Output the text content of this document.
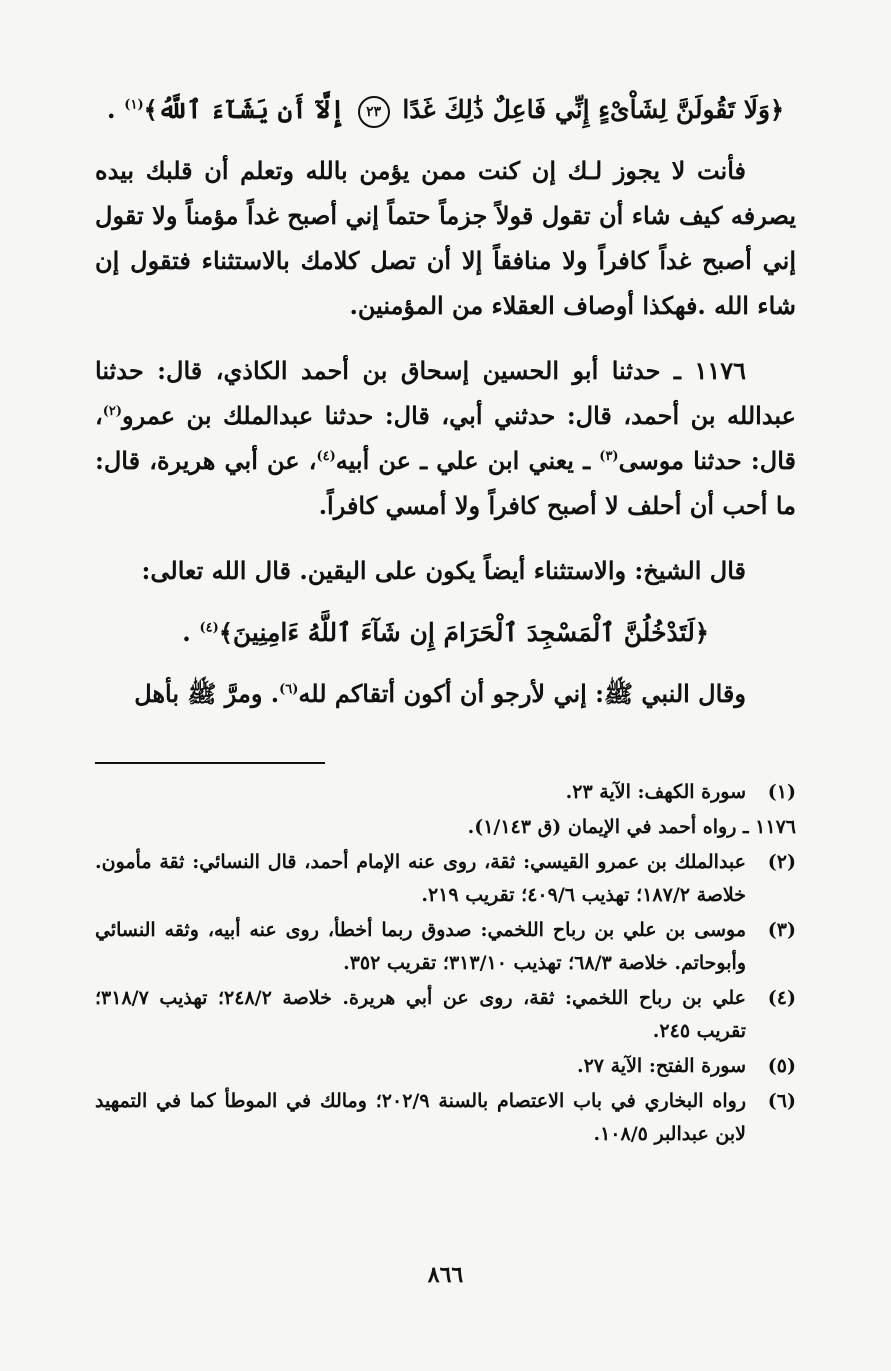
﴿وَلَا تَقُولَنَّ لِشَاْىْءٍ إِنِّي فَاعِلٌ ذَٰلِكَ غَدًا ٢٣ إِلَّآ أَن يَشَآءَ ٱللَّهُ﴾$^{(١)}$ .

فأنت لا يجوز لـك إن كنت ممن يؤمن بالله وتعلم أن قلبك بيده يصرفه كيف شاء أن تقول قولاً جزماً حتماً إني أصبح غداً مؤمناً ولا تقول إني أصبح غداً كافراً ولا منافقاً إلا أن تصل كلامك بالاستثناء فتقول إن شاء الله .فهكذا أوصاف العقلاء من المؤمنين.

١١٧٦ ـ حدثنا أبو الحسين إسحاق بن أحمد الكاذي، قال: حدثنا عبدالله بن أحمد، قال: حدثني أبي، قال: حدثنا عبدالملك بن عمرو$^{(٢)}$، قال: حدثنا موسى$^{(٣)}$ ـ يعني ابن علي ـ عن أبيه$^{(٤)}$، عن أبي هريرة، قال: ما أحب أن أحلف لا أصبح كافراً ولا أمسي كافراً.

قال الشيخ: والاستثناء أيضاً يكون على اليقين. قال الله تعالى:

﴿لَتَدْخُلُنَّ ٱلْمَسْجِدَ ٱلْحَرَامَ إِن شَآءَ ٱللَّهُ ءَامِنِينَ﴾$^{(٤)}$ .

وقال النبي ﷺ: إني لأرجو أن أكون أتقاكم لله$^{(٦)}$. ومرَّ ﷺ بأهل

(١)
سورة الكهف: الآية ٢٣.
١١٧٦ ـ رواه أحمد في الإيمان (ق ١/١٤٣).
(٢)
عبدالملك بن عمرو القيسي: ثقة، روى عنه الإمام أحمد، قال النسائي: ثقة مأمون. خلاصة ١٨٧/٢؛ تهذيب ٤٠٩/٦؛ تقريب ٢١٩.
(٣)
موسى بن علي بن رباح اللخمي: صدوق ربما أخطأ، روى عنه أبيه، وثقه النسائي وأبوحاتم. خلاصة ٦٨/٣؛ تهذيب ٣١٣/١٠؛ تقريب ٣٥٢.
(٤)
علي بن رباح اللخمي: ثقة، روى عن أبي هريرة. خلاصة ٢٤٨/٢؛ تهذيب ٣١٨/٧؛ تقريب ٢٤٥.
(٥)
سورة الفتح: الآية ٢٧.
(٦)
رواه البخاري في باب الاعتصام بالسنة ٢٠٢/٩؛ ومالك في الموطأ كما في التمهيد لابن عبدالبر ١٠٨/٥.
٨٦٦
